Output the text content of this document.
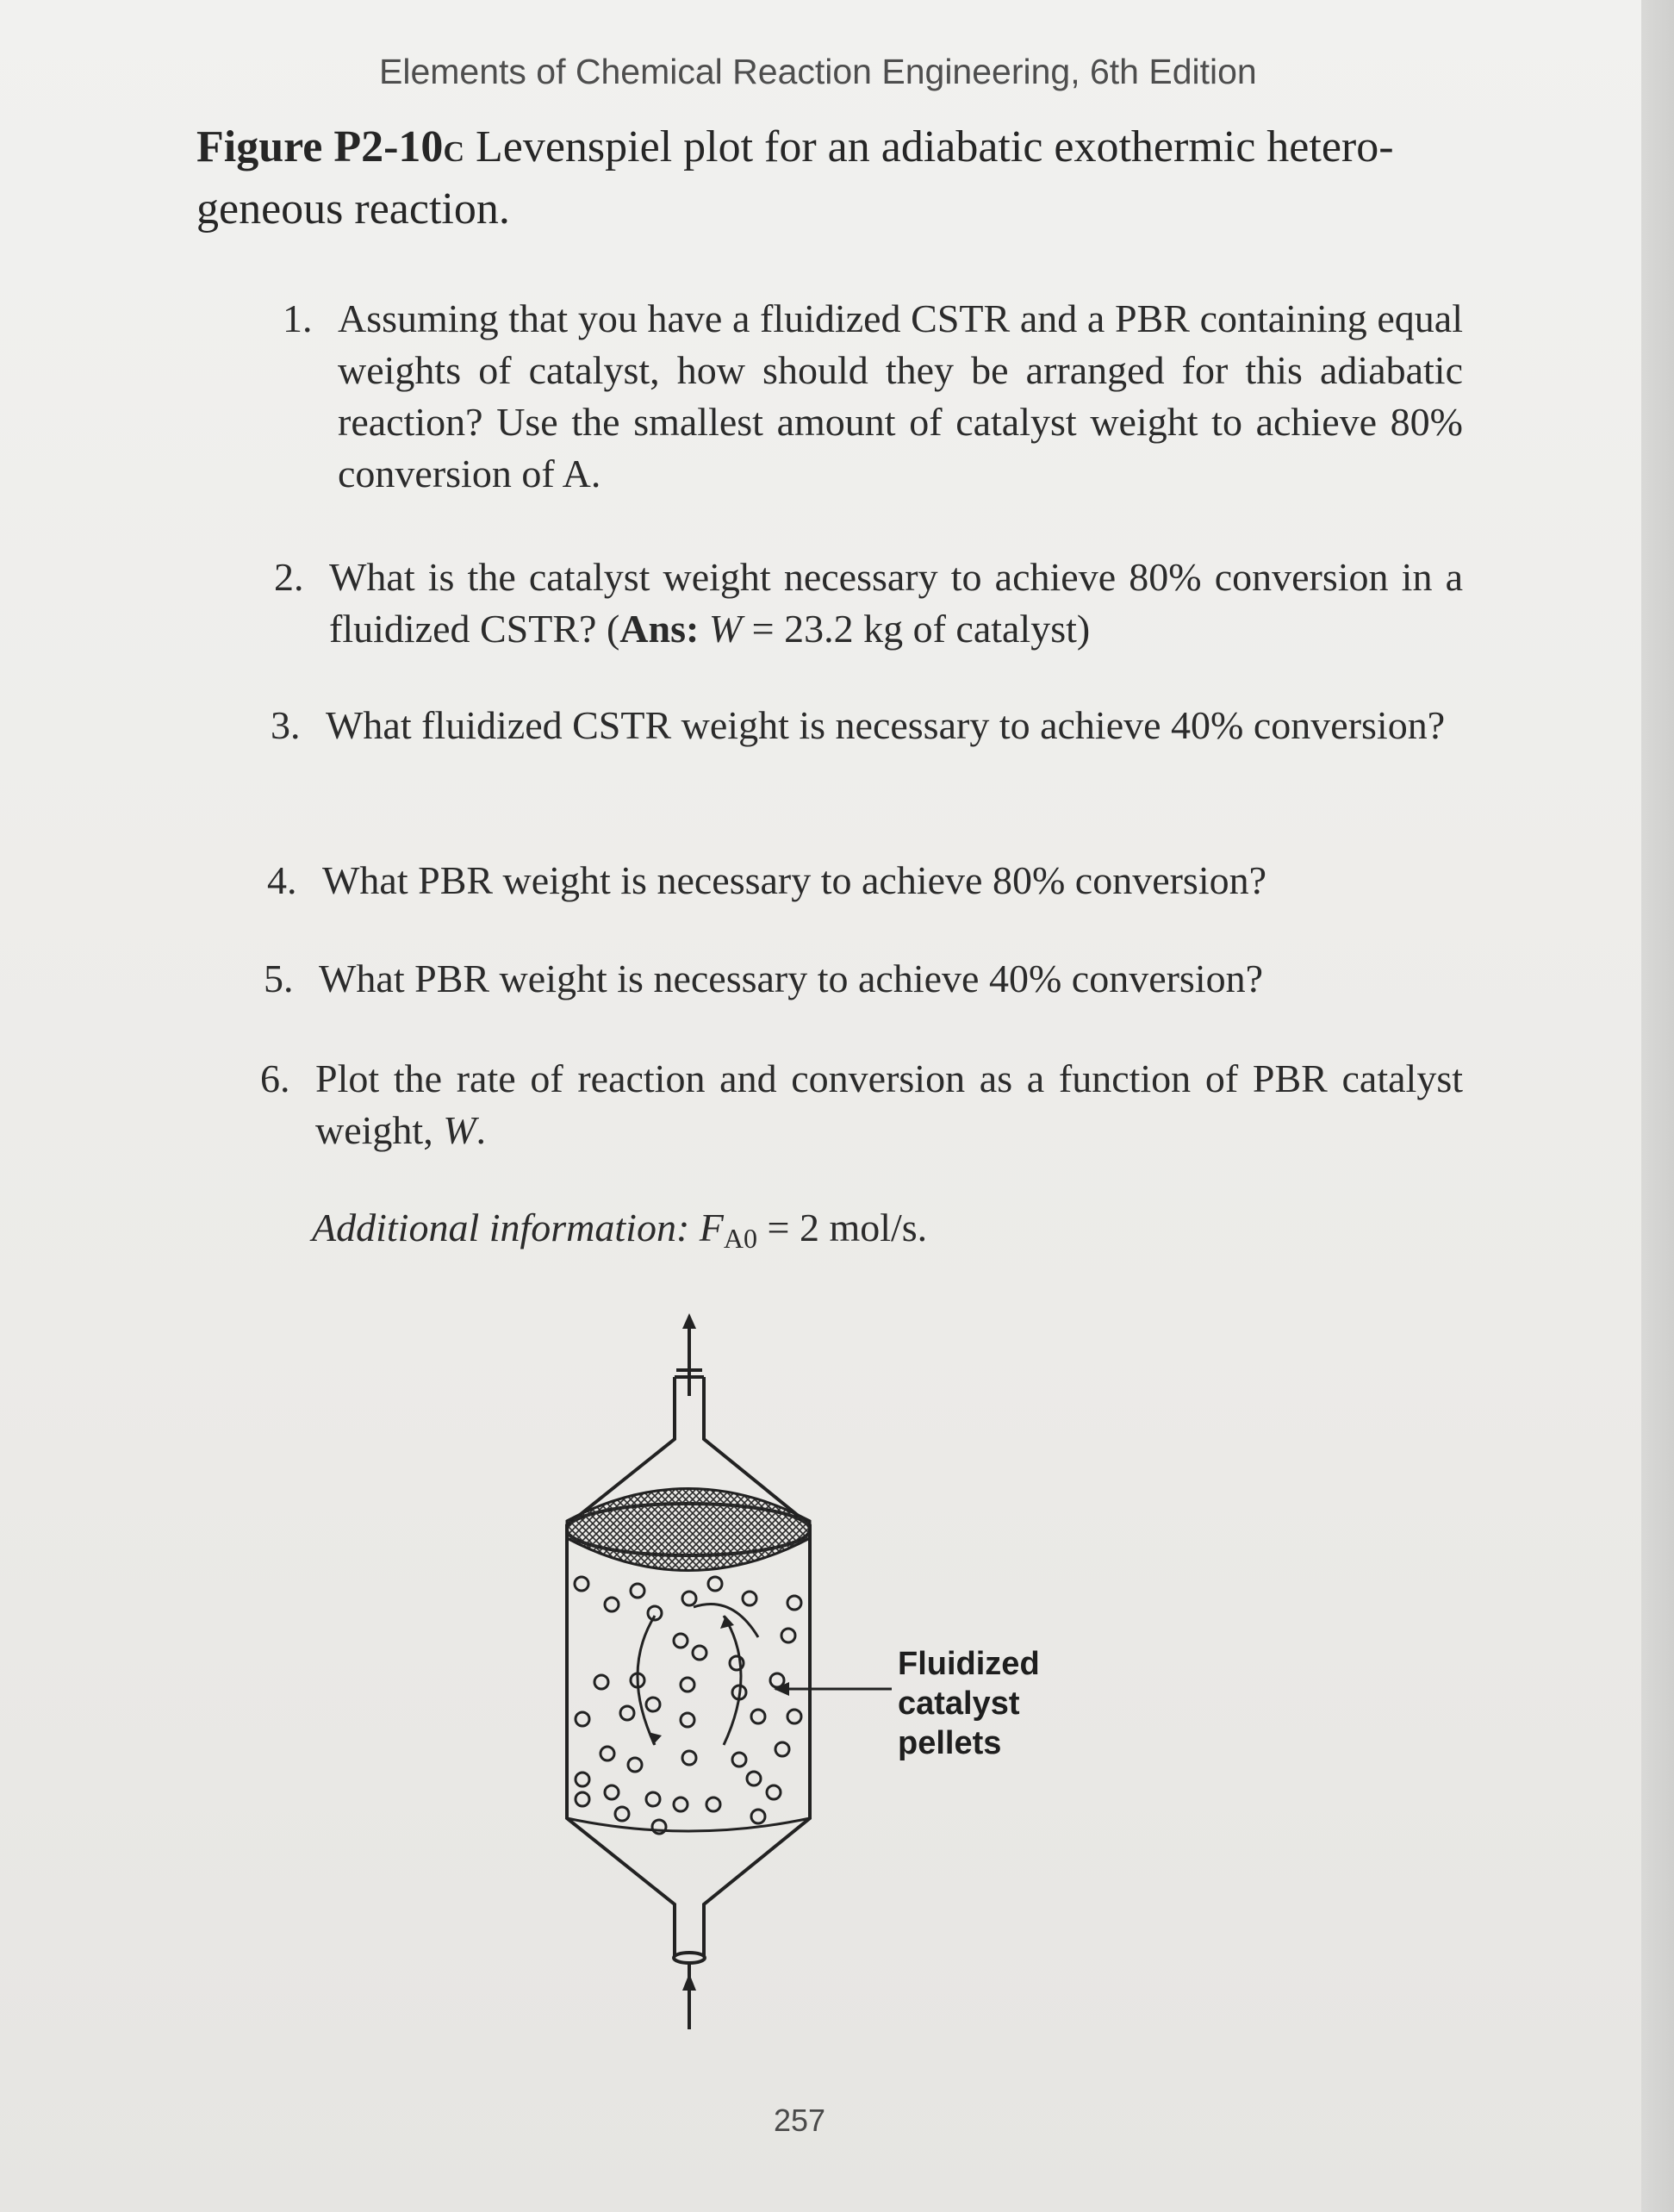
Elements of Chemical Reaction Engineering, 6th Edition
Figure P2-10C Levenspiel plot for an adiabatic exothermic hetero-
geneous reaction.
1. Assuming that you have a fluidized CSTR and a PBR containing equal weights of catalyst, how should they be arranged for this adiabatic reaction? Use the smallest amount of catalyst weight to achieve 80% conversion of A.
2. What is the catalyst weight necessary to achieve 80% conversion in a fluidized CSTR? (Ans: W = 23.2 kg of catalyst)
3. What fluidized CSTR weight is necessary to achieve 40% conversion?
4. What PBR weight is necessary to achieve 80% conversion?
5. What PBR weight is necessary to achieve 40% conversion?
6. Plot the rate of reaction and conversion as a function of PBR catalyst weight, W.
Additional information: FA0 = 2 mol/s.
Fluidized
catalyst
pellets
257
